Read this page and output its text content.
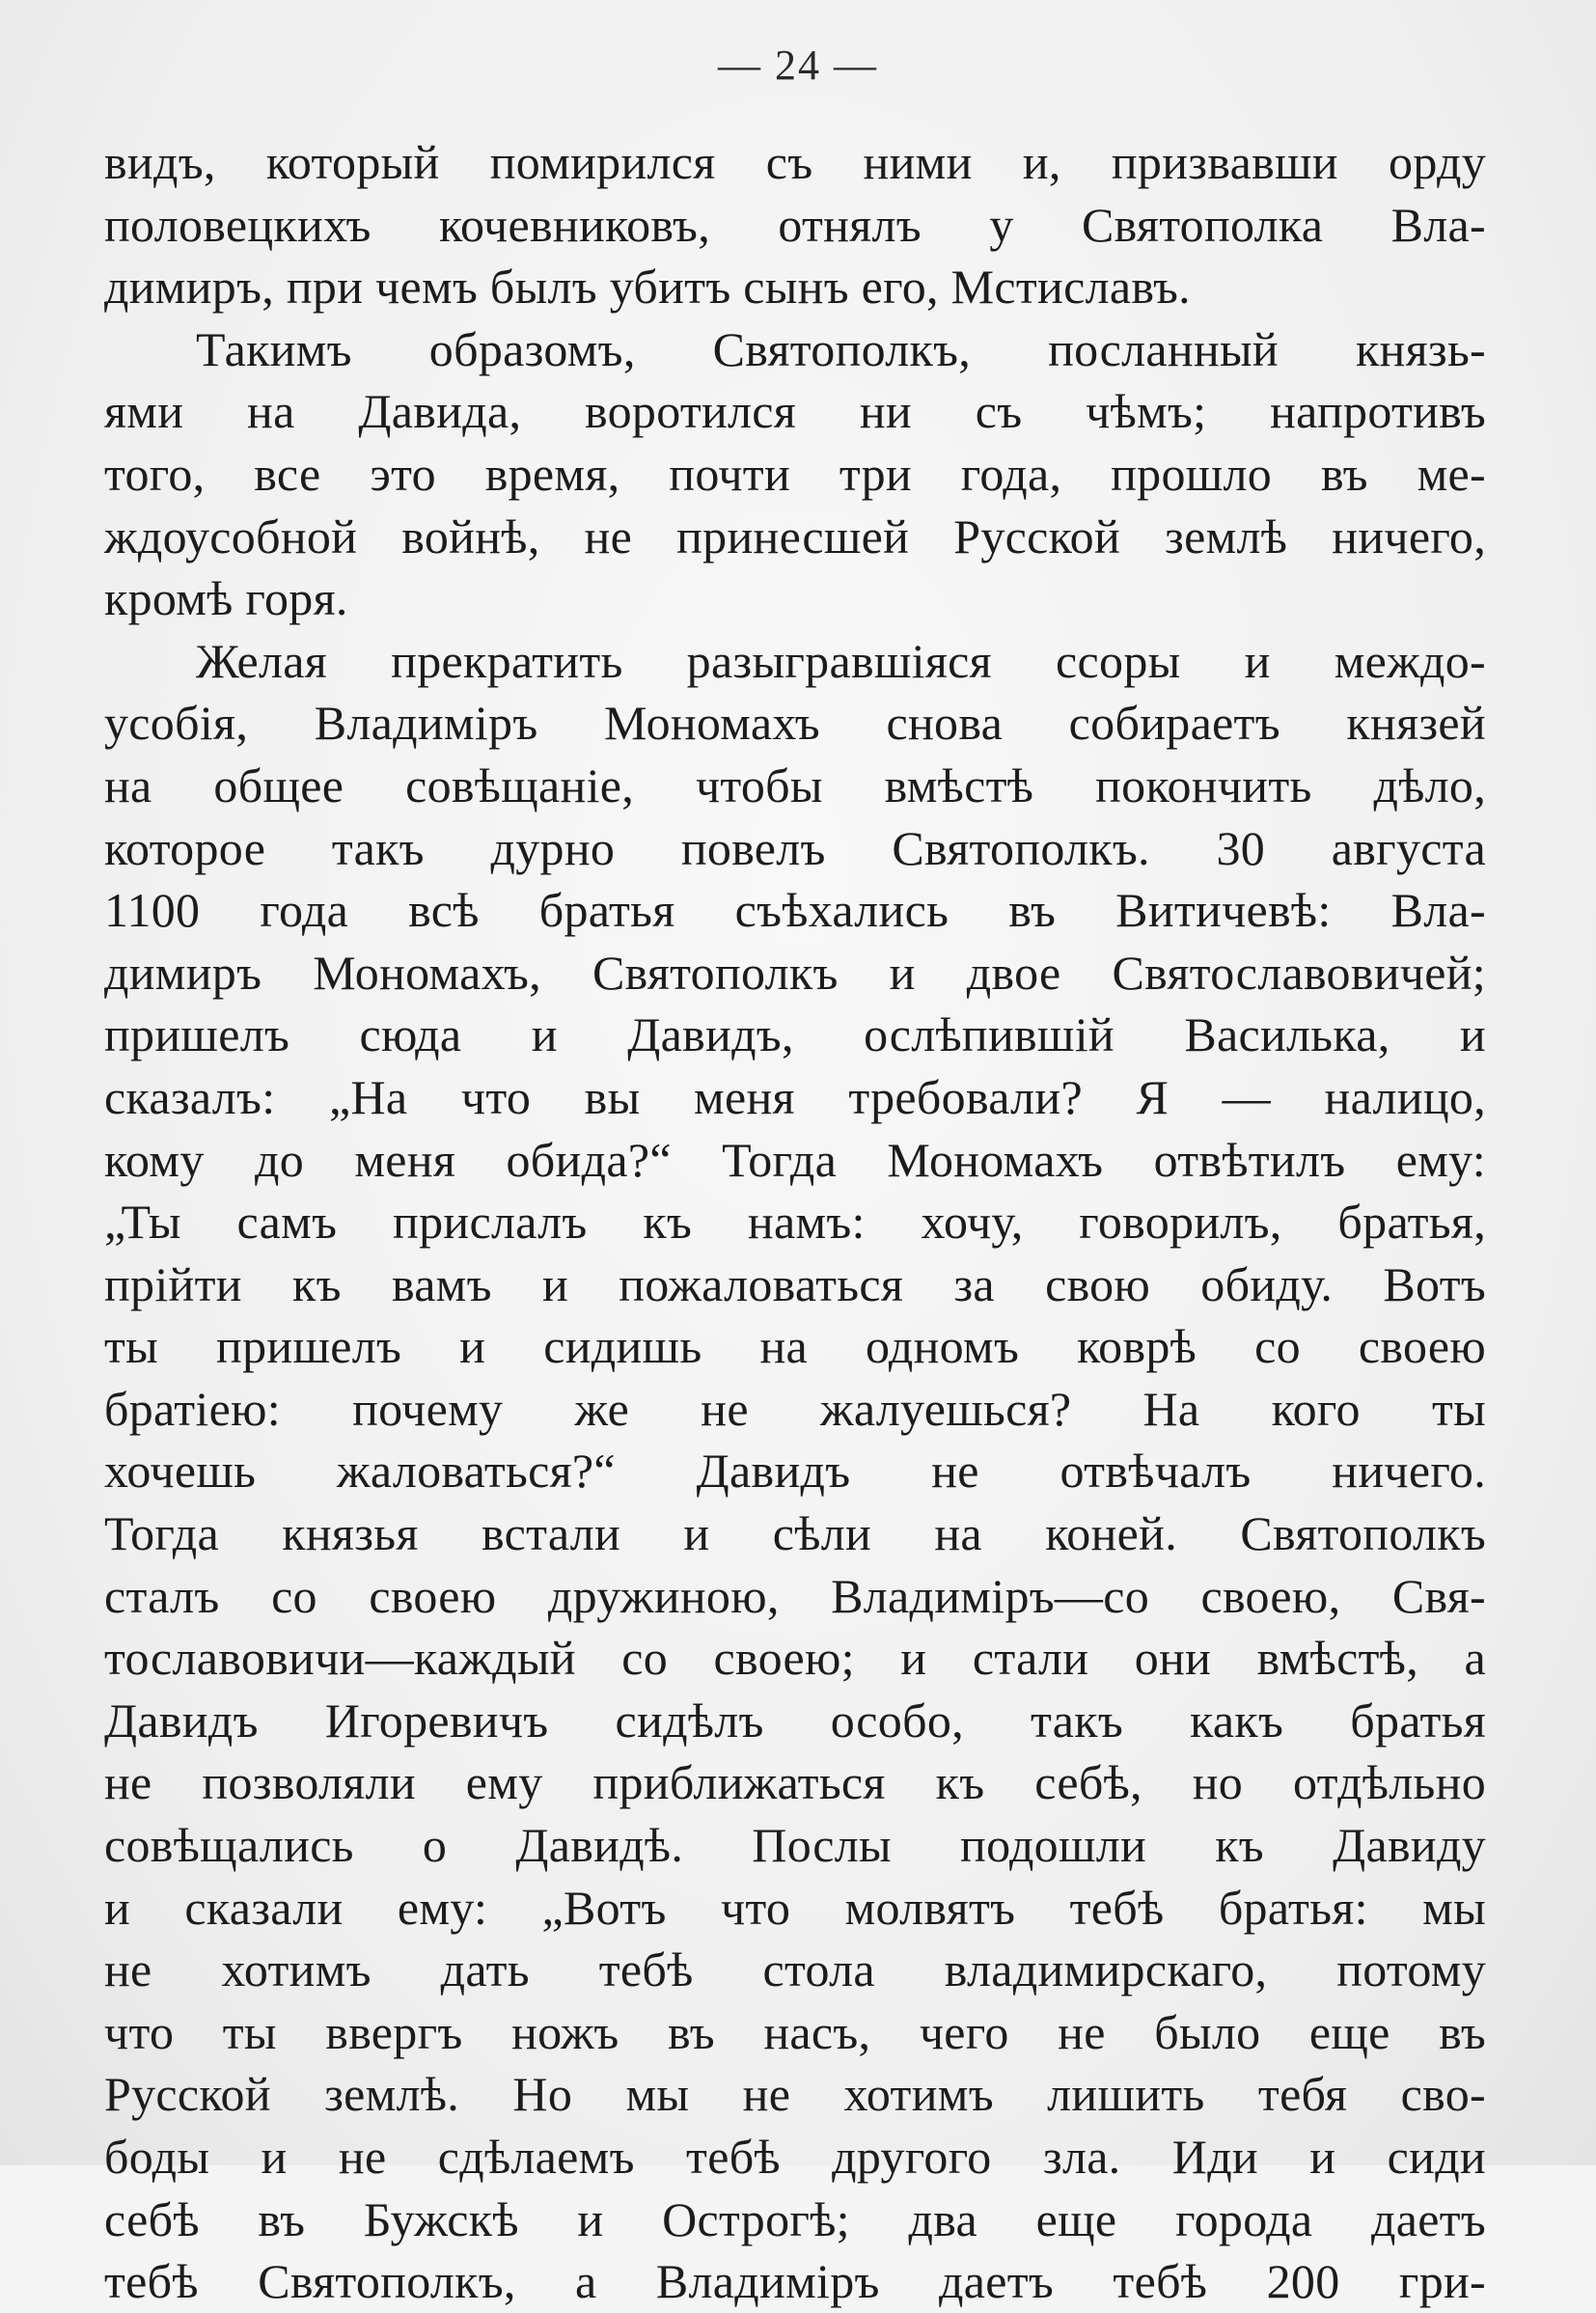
— 24 —
видъ, который помирился съ ними и, призвавши орду
половецкихъ кочевниковъ, отнялъ у Святополка Вла-
димиръ, при чемъ былъ убитъ сынъ его, Мстиславъ.
Такимъ образомъ, Святополкъ, посланный князь-
ями на Давида, воротился ни съ чѣмъ; напротивъ
того, все это время, почти три года, прошло въ ме-
ждоусобной войнѣ, не принесшей Русской землѣ ничего,
кромѣ горя.
Желая прекратить разыгравшіяся ссоры и междо-
усобія, Владиміръ Мономахъ снова собираетъ князей
на общее совѣщаніе, чтобы вмѣстѣ покончить дѣло,
которое такъ дурно повелъ Святополкъ. 30 августа
1100 года всѣ братья съѣхались въ Витичевѣ: Вла-
димиръ Мономахъ, Святополкъ и двое Святославовичей;
пришелъ сюда и Давидъ, ослѣпившій Василька, и
сказалъ: „На что вы меня требовали? Я — налицо,
кому до меня обида?“ Тогда Мономахъ отвѣтилъ ему:
„Ты самъ прислалъ къ намъ: хочу, говорилъ, братья,
прійти къ вамъ и пожаловаться за свою обиду. Вотъ
ты пришелъ и сидишь на одномъ коврѣ со своею
братіею: почему же не жалуешься? На кого ты
хочешь жаловаться?“ Давидъ не отвѣчалъ ничего.
Тогда князья встали и сѣли на коней. Святополкъ
сталъ со своею дружиною, Владиміръ—со своею, Свя-
тославовичи—каждый со своею; и стали они вмѣстѣ, а
Давидъ Игоревичъ сидѣлъ особо, такъ какъ братья
не позволяли ему приближаться къ себѣ, но отдѣльно
совѣщались о Давидѣ. Послы подошли къ Давиду
и сказали ему: „Вотъ что молвятъ тебѣ братья: мы
не хотимъ дать тебѣ стола владимирскаго, потому
что ты ввергъ ножъ въ насъ, чего не было еще въ
Русской землѣ. Но мы не хотимъ лишить тебя сво-
боды и не сдѣлаемъ тебѣ другого зла. Иди и сиди
себѣ въ Бужскѣ и Острогѣ; два еще города даетъ
тебѣ Святополкъ, а Владиміръ даетъ тебѣ 200 гри-
